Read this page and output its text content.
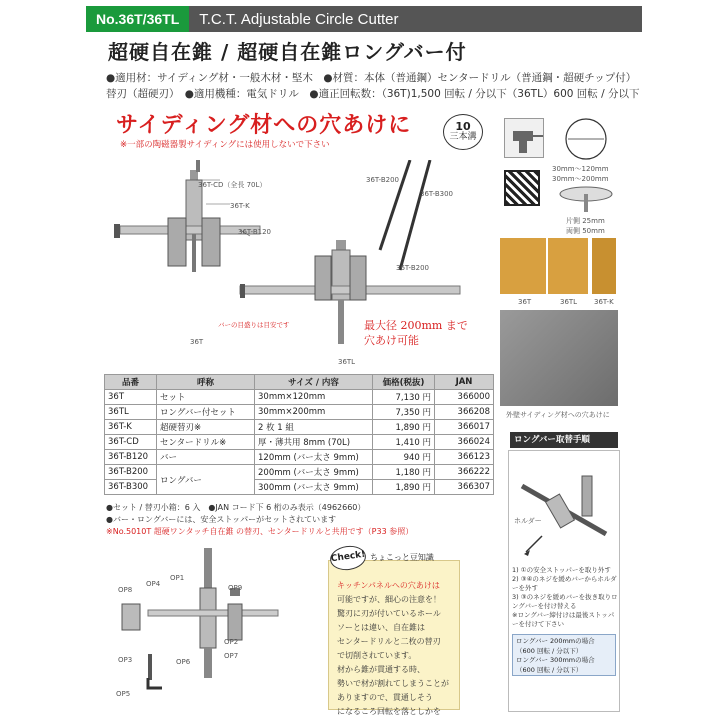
No.36T/36TL	T.C.T. Adjustable Circle Cutter
超硬自在錐 / 超硬自在錐ロングバー付
●適用材：サイディング材・一般木材・堅木　●材質：本体（普通鋼）センタードリル（普通鋼・超硬チップ付）
替刃（超硬刃）　●適用機種：電気ドリル　●適正回転数：（36T)1,500 回転 / 分以下（36TL）600 回転 / 分以下
サイディング材への穴あけに
※一部の陶磁器製サイディングには使用しないで下さい
10
三本溝
36T-CD（全長 70L）
36T-K
36T-B120
36T-B200
36T-B300
36T-B200
バーの目盛りは目安です
36T
36TL
最大径 200mm まで
穴あけ可能
30mm〜120mm
30mm〜200mm
片側 25mm
両側 50mm
36T	36TL 36T-K
外壁サイディング材への穴あけに
品番	呼称	サイズ / 内容	価格(税抜)	JAN
36T	セット	30mm×120mm	7,130 円	366000
36TL	ロングバー付セット	30mm×200mm	7,350 円	366208
36T-K	超硬替刃※	2 枚 1 組	1,890 円	366017
36T-CD	センタードリル※	厚・薄共用 8mm (70L)	1,410 円	366024
36T-B120	バー	120mm (バー太さ 9mm)	940 円	366123
36T-B200	ロングバー	200mm (バー太さ 9mm)	1,180 円	366222
36T-B300		300mm (バー太さ 9mm)	1,890 円	366307
●セット / 替刃小箱：6 入　●JAN コード下 6 桁のみ表示（4962660）
●バー・ロングバーには、安全ストッパーがセットされています
※No.5010T 超硬ワンタッチ自在錐 の替刃、センタードリルと共用です（P33 参照）
OP8
OP4
OP1
OP9
OP2
OP3	OP6
OP7
OP5
キッチンパネルへの穴あけは
可能ですが、細心の注意を！
驚刃に刃が付いているホール
ソーとは違い、自在錐は
センタードリルと二枚の替刃
で切削されています。
材から錐が貫通する時、
勢いで材が割れてしまうことが
ありますので、貫通しそう
になるころ回転を落としかを
Check! ちょこっと豆知識
ロングバー取替手順
ホルダー
1) ①の安全ストッパーを取り外す
2) ③④のネジを緩めバーからホルダーを外す
3) ③のネジを緩めバーを抜き取りロングバーを付け替える
※ロングバー締付けは最後ストッパーを付けて下さい
ロングバー 200mmの場合
（600 回転 / 分以下）
ロングバー 300mmの場合
（600 回転 / 分以下）
